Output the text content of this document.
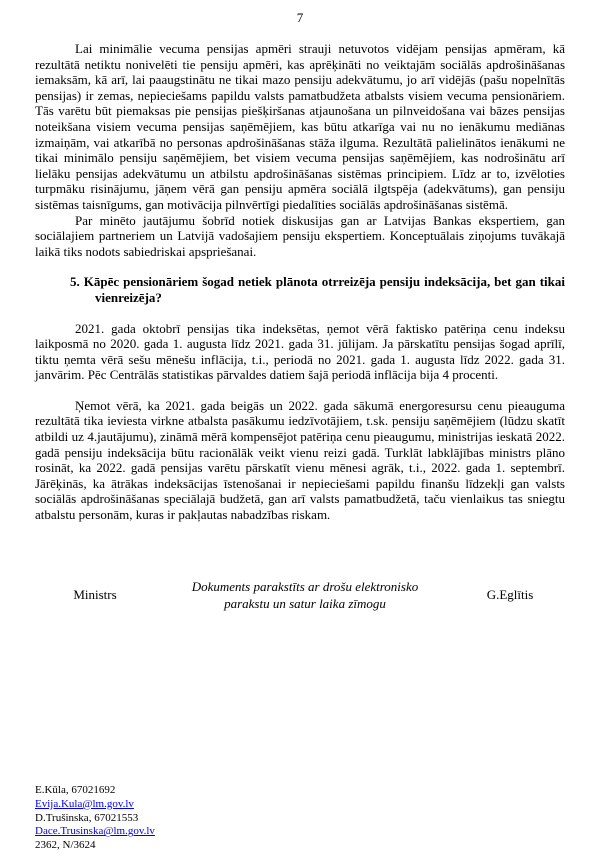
7

Lai minimālie vecuma pensijas apmēri strauji netuvotos vidējam pensijas apmēram, kā rezultātā netiktu nonivelēti tie pensiju apmēri, kas aprēķināti no veiktajām sociālās apdrošināšanas iemaksām, kā arī, lai paaugstinātu ne tikai mazo pensiju adekvātumu, jo arī vidējās (pašu nopelnītās pensijas) ir zemas, nepieciešams papildu valsts pamatbudžeta atbalsts visiem vecuma pensionāriem. Tās varētu būt piemaksas pie pensijas piešķiršanas atjaunošana un pilnveidošana vai bāzes pensijas noteikšana visiem vecuma pensijas saņēmējiem, kas būtu atkarīga vai nu no ienākumu mediānas izmaiņām, vai atkarībā no personas apdrošināšanas stāža ilguma. Rezultātā palielinātos ienākumi ne tikai minimālo pensiju saņēmējiem, bet visiem vecuma pensijas saņēmējiem, kas nodrošinātu arī lielāku pensijas adekvātumu un atbilstu apdrošināšanas sistēmas principiem. Līdz ar to, izvēloties turpmāku risinājumu, jāņem vērā gan pensiju apmēra sociālā ilgtspēja (adekvātums), gan pensiju sistēmas taisnīgums, gan motivācija pilnvērtīgi piedalīties sociālās apdrošināšanas sistēmā.

Par minēto jautājumu šobrīd notiek diskusijas gan ar Latvijas Bankas ekspertiem, gan sociālajiem partneriem un Latvijā vadošajiem pensiju ekspertiem. Konceptuālais ziņojums tuvākajā laikā tiks nodots sabiedriskai apspriešanai.

5. Kāpēc pensionāriem šogad netiek plānota otrreizēja pensiju indeksācija, bet gan tikai vienreizēja?

2021. gada oktobrī pensijas tika indeksētas, ņemot vērā faktisko patēriņa cenu indeksu laikposmā no 2020. gada 1. augusta līdz 2021. gada 31. jūlijam. Ja pārskatītu pensijas šogad aprīlī, tiktu ņemta vērā sešu mēnešu inflācija, t.i., periodā no 2021. gada 1. augusta līdz 2022. gada 31. janvārim. Pēc Centrālās statistikas pārvaldes datiem šajā periodā inflācija bija 4 procenti.

Ņemot vērā, ka 2021. gada beigās un 2022. gada sākumā energoresursu cenu pieauguma rezultātā tika ieviesta virkne atbalsta pasākumu iedzīvotājiem, t.sk. pensiju saņēmējiem (lūdzu skatīt atbildi uz 4.jautājumu), zināmā mērā kompensējot patēriņa cenu pieaugumu, ministrijas ieskatā 2022. gadā pensiju indeksācija būtu racionālāk veikt vienu reizi gadā. Turklāt labklājības ministrs plāno rosināt, ka 2022. gadā pensijas varētu pārskatīt vienu mēnesi agrāk, t.i., 2022. gada 1. septembrī. Jārēķinās, ka ātrākas indeksācijas īstenošanai ir nepieciešami papildu finanšu līdzekļi gan valsts sociālās apdrošināšanas speciālajā budžetā, gan arī valsts pamatbudžetā, taču vienlaikus tas sniegtu atbalstu personām, kuras ir pakļautas nabadzības riskam.

Ministrs
Dokuments parakstīts ar drošu elektronisko parakstu un satur laika zīmogu
G.Eglītis
E.Kūla, 67021692
Evija.Kula@lm.gov.lv
D.Trušinska, 67021553
Dace.Trusinska@lm.gov.lv
2362, N/3624
